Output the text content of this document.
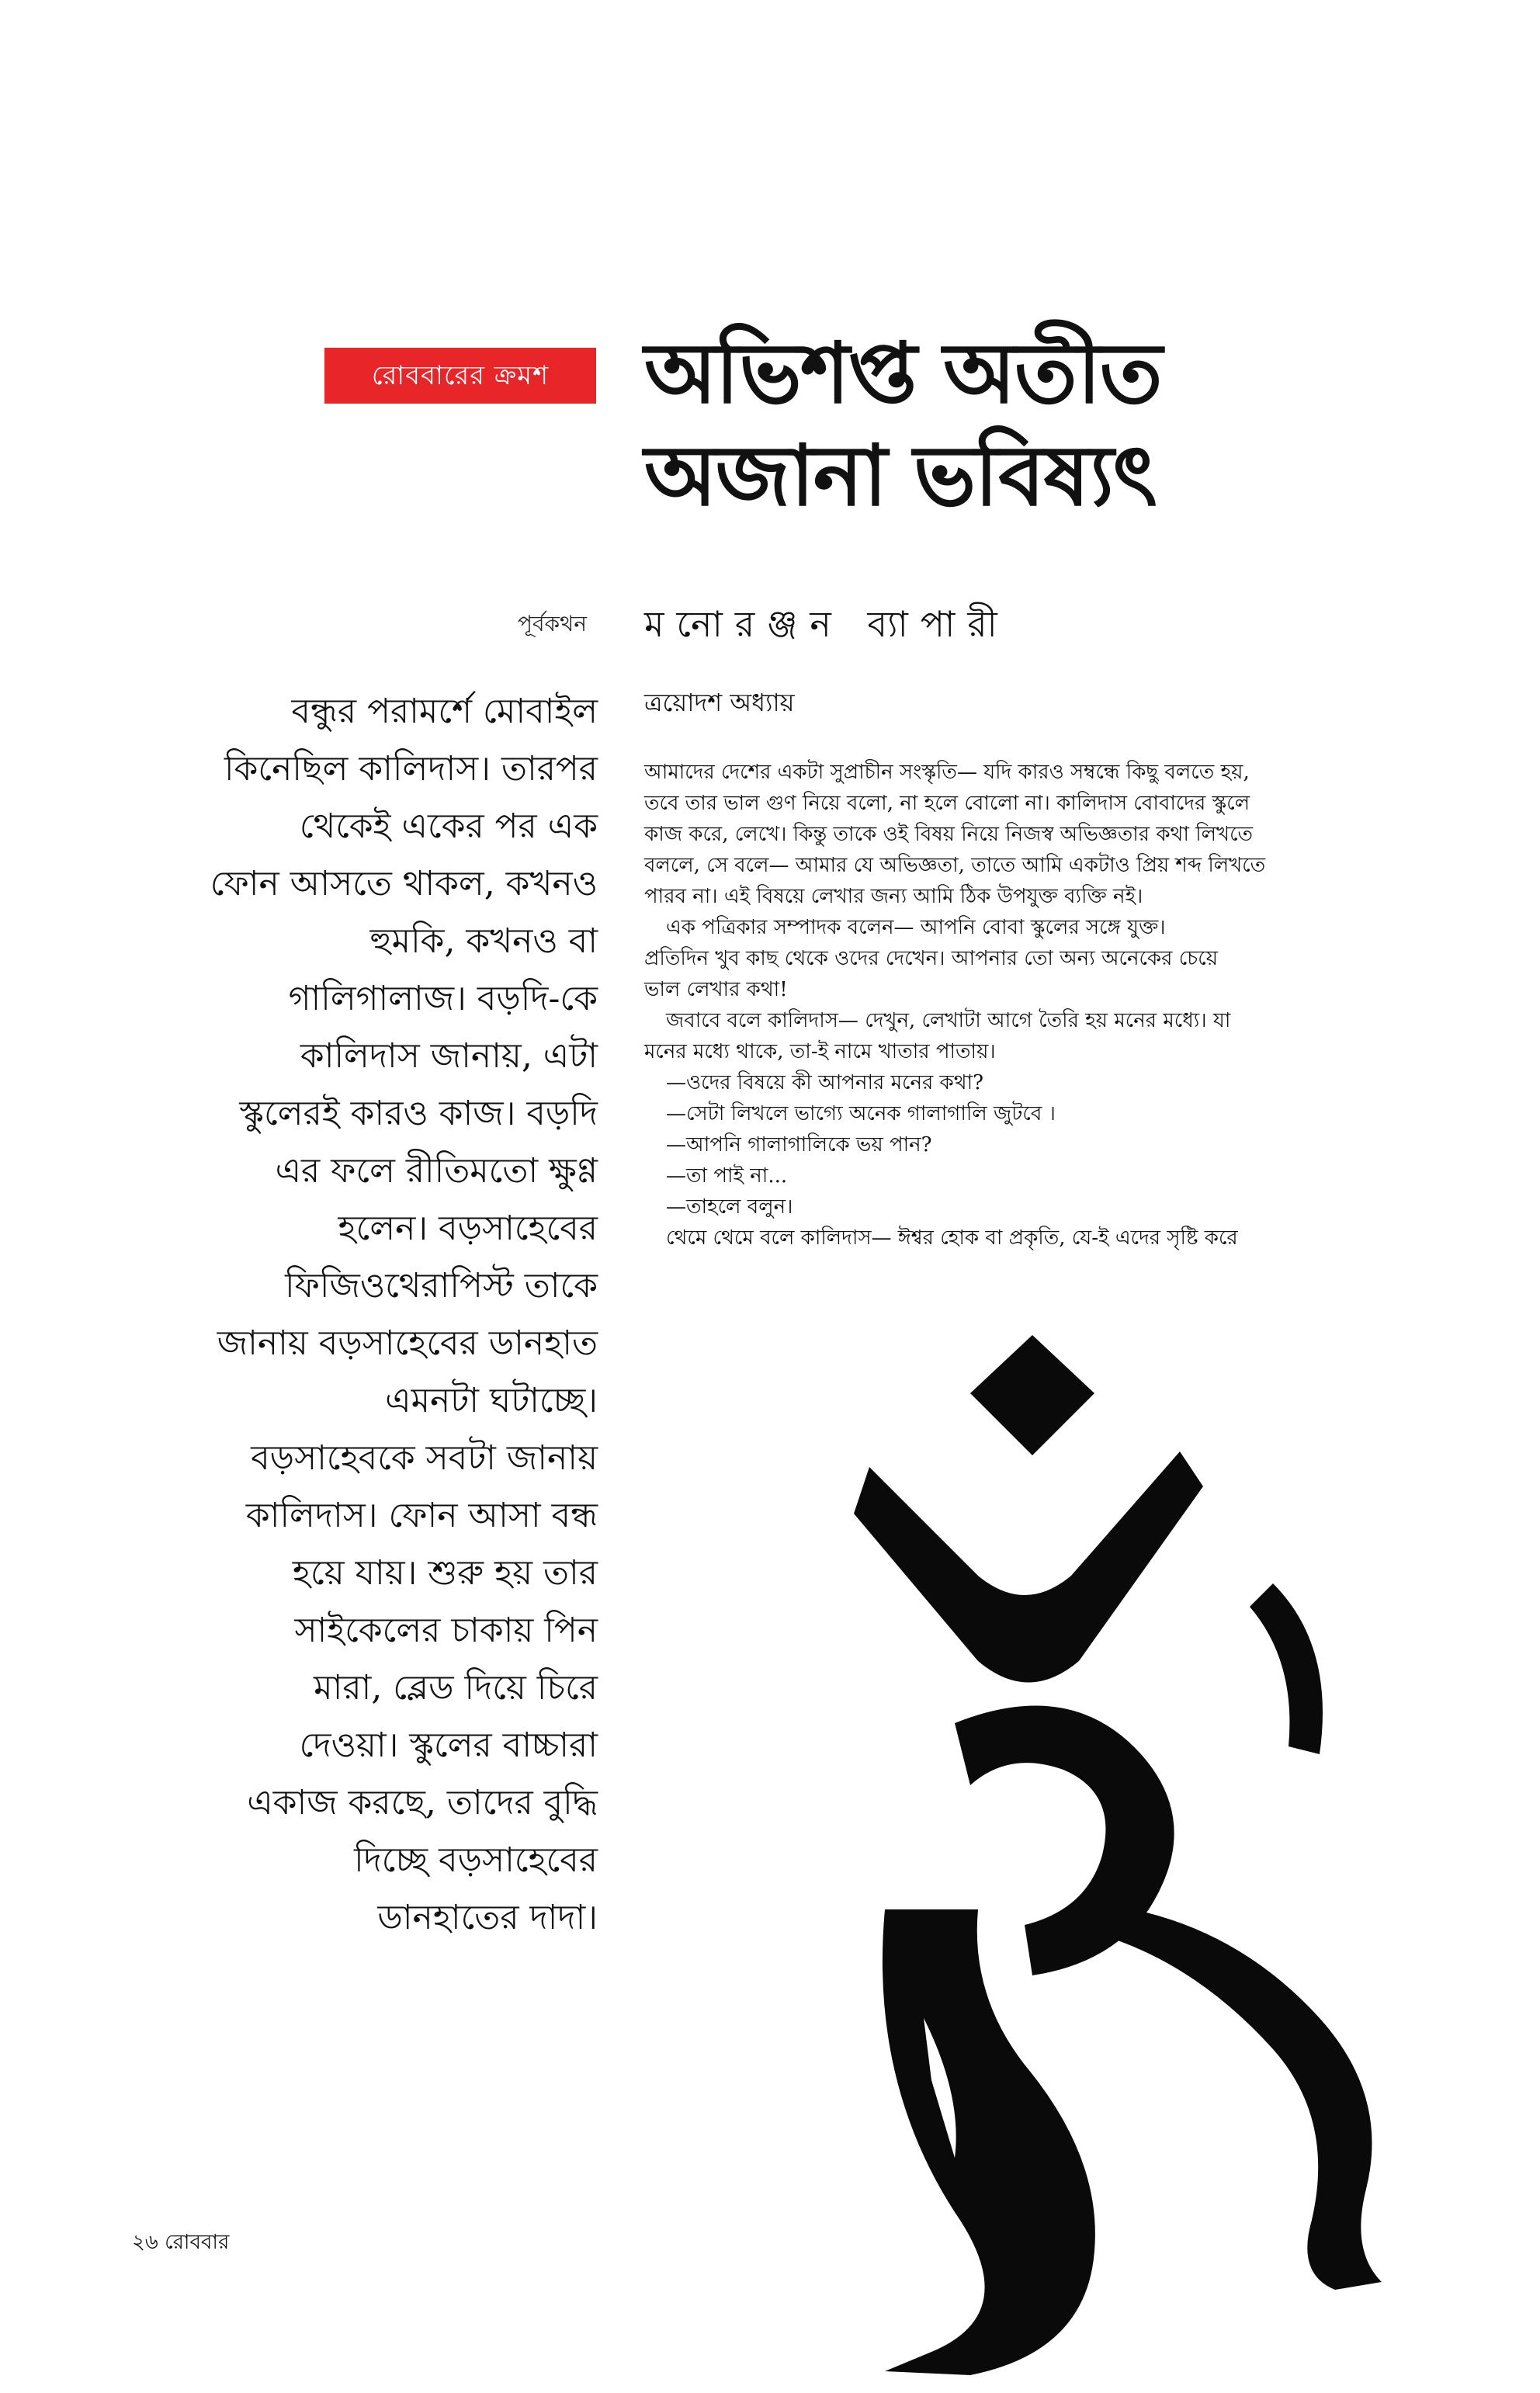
রোববারের ক্রমশ	অভিশপ্ত অতীত
অজানা ভবিষ্যৎ
পূর্বকথন মনোরঞ্জন ব্যাপারী
ত্রয়োদশ অধ্যায়
বন্ধুর পরামর্শে মোবাইল
কিনেছিল কালিদাস। তারপর
থেকেই একের পর এক
ফোন আসতে থাকল, কখনও
হুমকি, কখনও বা
গালিগালাজ। বড়দি-কে
কালিদাস জানায়, এটা
স্কুলেরই কারও কাজ। বড়দি
এর ফলে রীতিমতো ক্ষুণ্ণ
হলেন। বড়সাহেবের
ফিজিওথেরাপিস্ট তাকে
জানায় বড়সাহেবের ডানহাত
এমনটা ঘটাচ্ছে।
বড়সাহেবকে সবটা জানায়
কালিদাস। ফোন আসা বন্ধ
হয়ে যায়। শুরু হয় তার
সাইকেলের চাকায় পিন
মারা, ব্লেড দিয়ে চিরে
দেওয়া। স্কুলের বাচ্চারা
একাজ করছে, তাদের বুদ্ধি
দিচ্ছে বড়সাহেবের
ডানহাতের দাদা।

আমাদের দেশের একটা সুপ্রাচীন সংস্কৃতি— যদি কারও সম্বন্ধে কিছু বলতে হয়,

তবে তার ভাল গুণ নিয়ে বলো, না হলে বোলো না। কালিদাস বোবাদের স্কুলে

কাজ করে, লেখে। কিন্তু তাকে ওই বিষয় নিয়ে নিজস্ব অভিজ্ঞতার কথা লিখতে

বললে, সে বলে— আমার যে অভিজ্ঞতা, তাতে আমি একটাও প্রিয় শব্দ লিখতে

পারব না। এই বিষয়ে লেখার জন্য আমি ঠিক উপযুক্ত ব্যক্তি নই।

এক পত্রিকার সম্পাদক বলেন— আপনি বোবা স্কুলের সঙ্গে যুক্ত।

প্রতিদিন খুব কাছ থেকে ওদের দেখেন। আপনার তো অন্য অনেকের চেয়ে

ভাল লেখার কথা!

জবাবে বলে কালিদাস— দেখুন, লেখাটা আগে তৈরি হয় মনের মধ্যে। যা

মনের মধ্যে থাকে, তা-ই নামে খাতার পাতায়।

—ওদের বিষয়ে কী আপনার মনের কথা?

—সেটা লিখলে ভাগ্যে অনেক গালাগালি জুটবে ।

—আপনি গালাগালিকে ভয় পান?

—তা পাই না...

—তাহলে বলুন।

থেমে থেমে বলে কালিদাস— ঈশ্বর হোক বা প্রকৃতি, যে-ই এদের সৃষ্টি করে

২৬ রোববার
